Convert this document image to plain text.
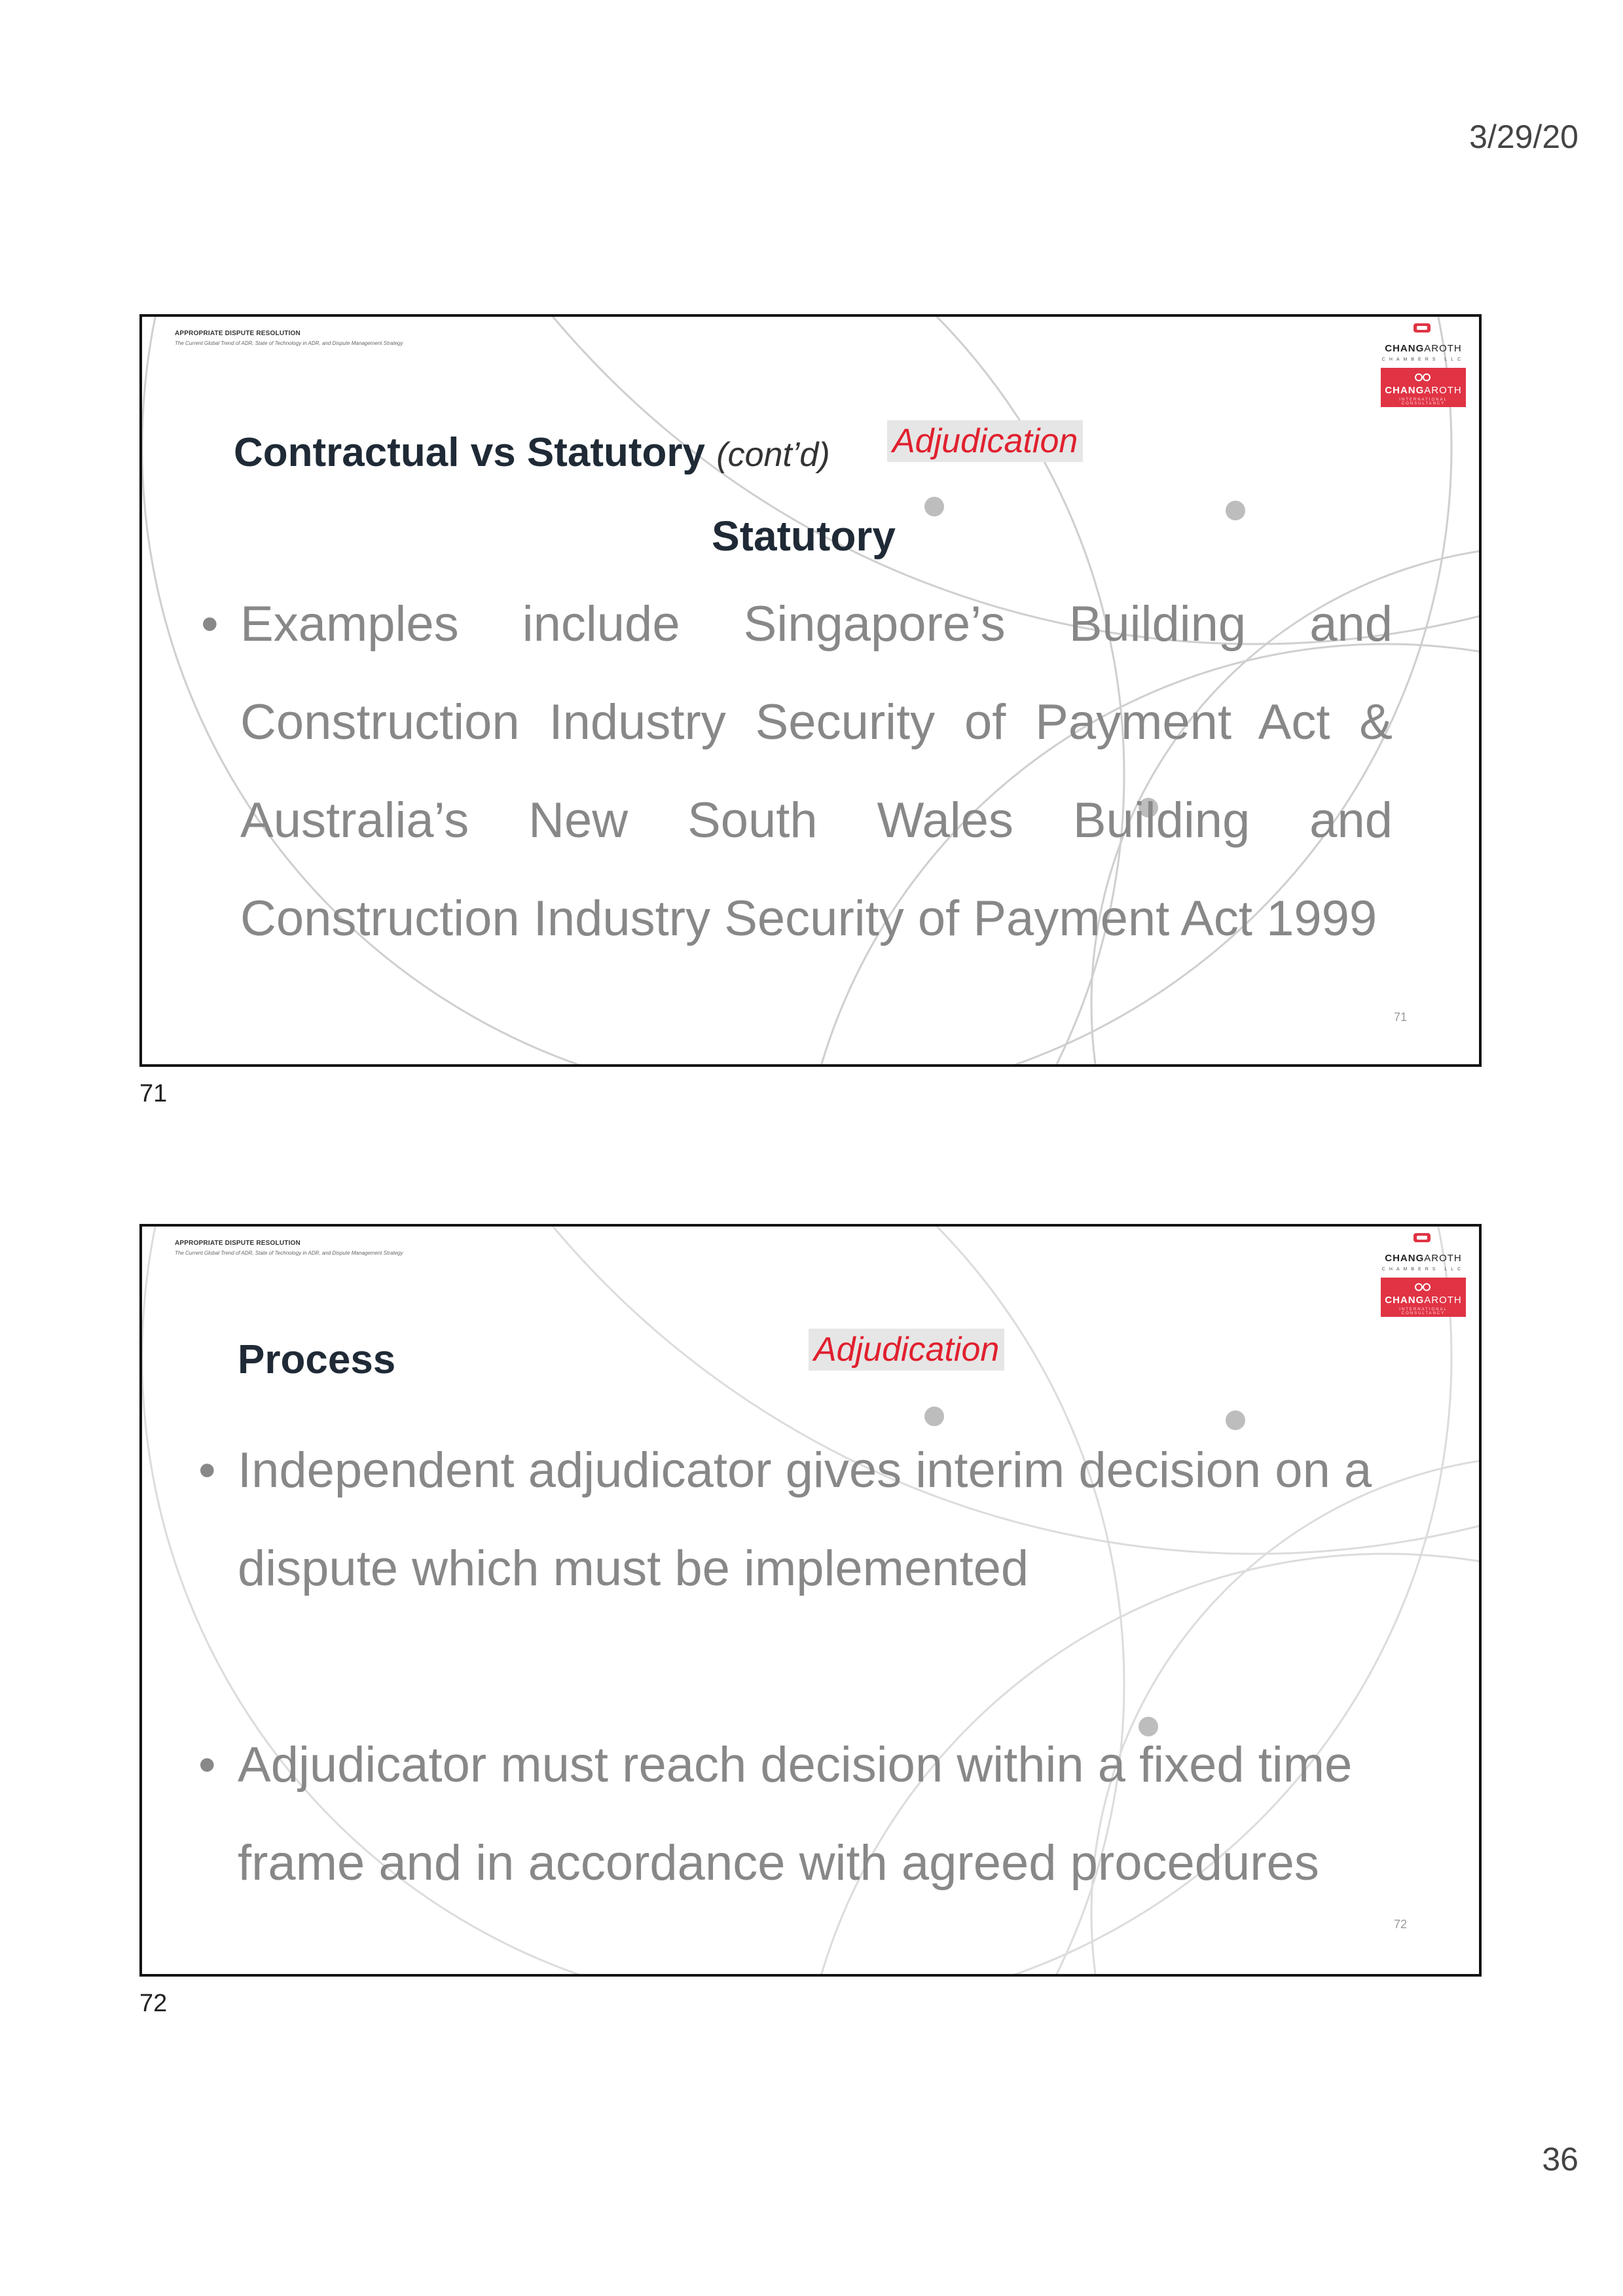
3/29/20
APPROPRIATE DISPUTE RESOLUTION
The Current Global Trend of ADR, State of Technology in ADR, and Dispute Management Strategy	CHANGAROTH
CHAMBERS LLC
CHANGAROTH
INTERNATIONAL CONSULTANCY
Contractual vs Statutory (cont’d) Adjudication
Statutory
• Examples include Singapore’s Building and Construction Industry Security of Payment Act & Australia’s New South Wales Building and Construction Industry Security of Payment Act 1999
71
71
APPROPRIATE DISPUTE RESOLUTION
The Current Global Trend of ADR, State of Technology in ADR, and Dispute Management Strategy	CHANGAROTH
CHAMBERS LLC
CHANGAROTH
INTERNATIONAL CONSULTANCY
Process	Adjudication
• Independent adjudicator gives interim decision on a dispute which must be implemented
• Adjudicator must reach decision within a fixed time frame and in accordance with agreed procedures
72
72
36
